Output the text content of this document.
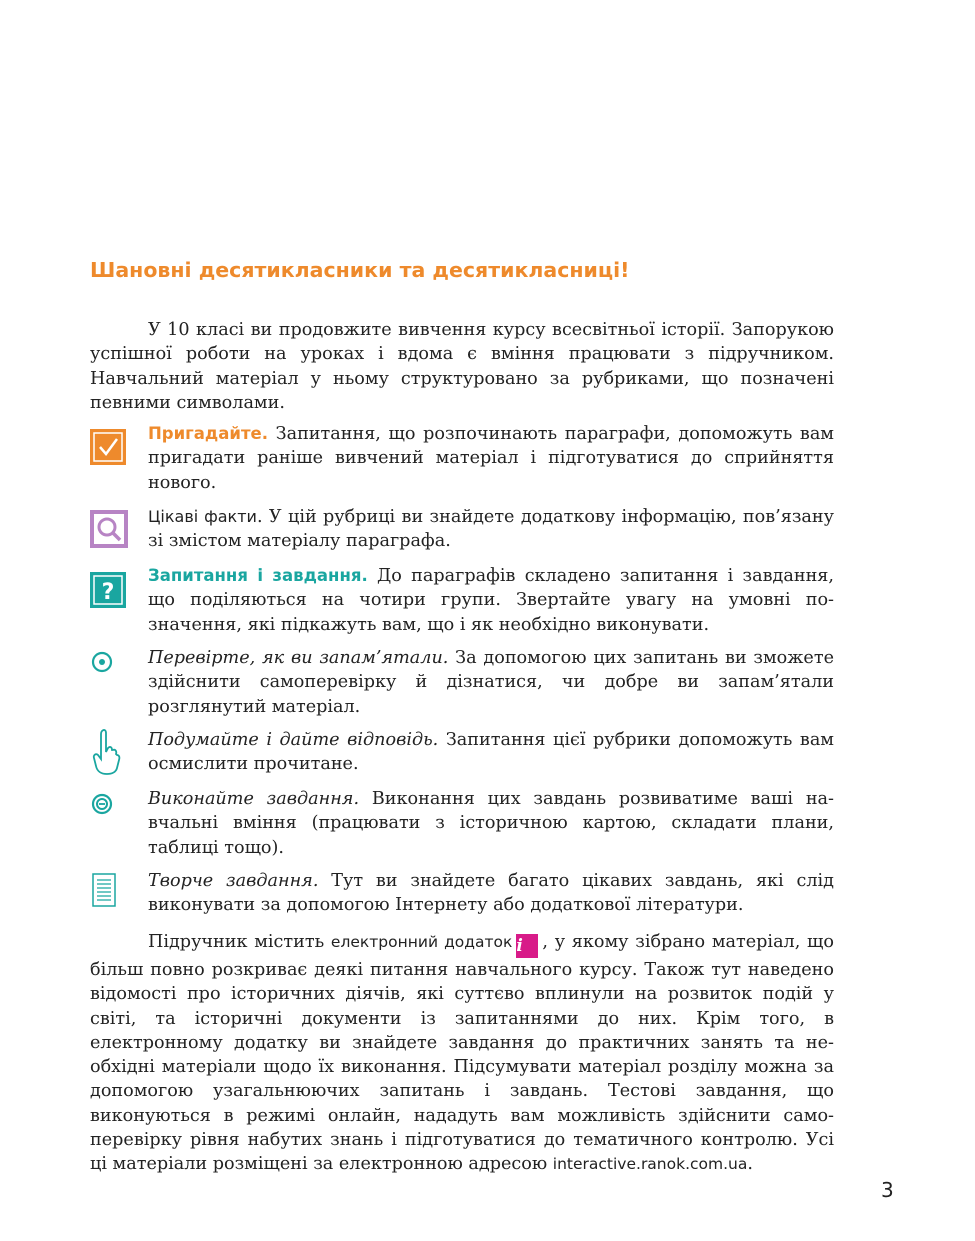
Шановні десятикласники та десятикласниці!

У 10 класі ви продовжите вивчення курсу всесвітньої історії. Запорукою успішної роботи на уроках і вдома є вміння працювати з підручником. Навчальний матеріал у ньому структуровано за рубриками, що позначені певними символами.

?

Пригадайте. Запитання, що розпочинають параграфи, допоможуть вам пригадати раніше вивчений матеріал і підготуватися до сприйняття нового.

Цікаві факти. У цій рубриці ви знайдете додаткову інформацію, пов’язану зі змістом матеріалу параграфа.

Запитання і завдання. До параграфів складено запитання і завдання, що поділяються на чотири групи. Звертайте увагу на умовні позначення, які підкажуть вам, що і як необхідно виконувати.

Перевірте, як ви запам’ятали. За допомогою цих запитань ви зможете здійснити самоперевірку й дізнатися, чи добре ви запам’ятали розглянутий матеріал.

Подумайте і дайте відповідь. Запитання цієї рубрики допоможуть вам осмислити прочитане.

Виконайте завдання. Виконання цих завдань розвиватиме ваші навчальні вміння (працювати з історичною картою, складати плани, таблиці тощо).

Творче завдання. Тут ви знайдете багато цікавих завдань, які слід виконувати за допомогою Інтернету або додаткової літератури.

Підручник містить електронний додаток i , у якому зібрано матеріал, що більш повно розкриває деякі питання навчального курсу. Також тут наведено відомості про історичних діячів, які суттєво вплинули на розвиток подій у світі, та історичні документи із запитаннями до них. Крім того, в електронному додатку ви знайдете завдання до практичних занять та необхідні матеріали щодо їх виконання. Підсумувати матеріал розділу можна за допомогою узагальнюючих запитань і завдань. Тестові завдання, що виконуються в режимі онлайн, нададуть вам можливість здійснити самоперевірку рівня набутих знань і підготуватися до тематичного контролю. Усі ці матеріали розміщені за електронною адресою interactive.ranok.com.ua.

3
